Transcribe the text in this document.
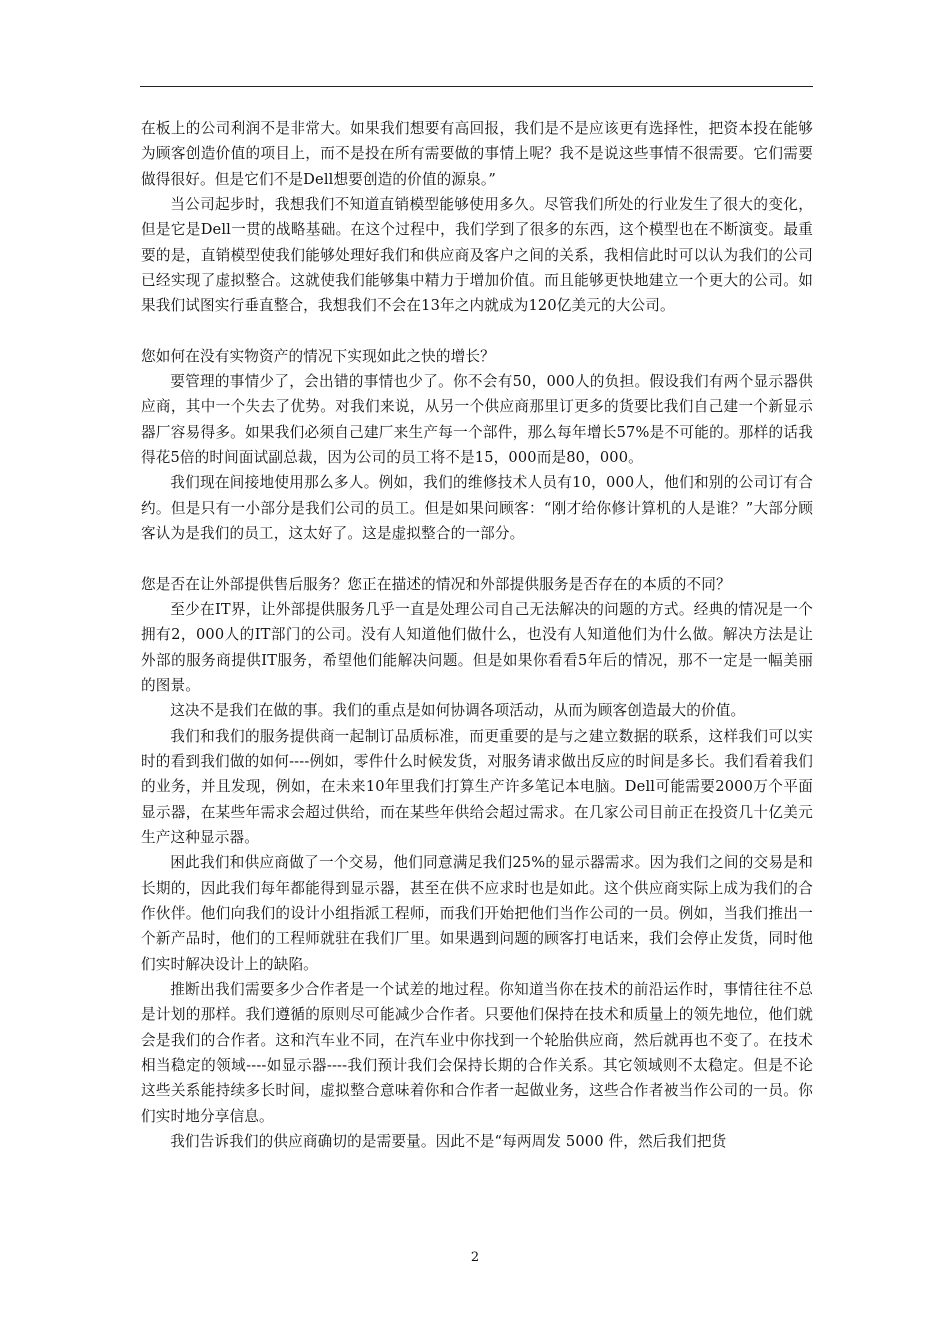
在板上的公司利润不是非常大。如果我们想要有高回报，我们是不是应该更有选择性，把资本投在能够为顾客创造价值的项目上，而不是投在所有需要做的事情上呢？我不是说这些事情不很需要。它们需要做得很好。但是它们不是Dell想要创造的价值的源泉。”

当公司起步时，我想我们不知道直销模型能够使用多久。尽管我们所处的行业发生了很大的变化，但是它是Dell一贯的战略基础。在这个过程中，我们学到了很多的东西，这个模型也在不断演变。最重要的是，直销模型使我们能够处理好我们和供应商及客户之间的关系，我相信此时可以认为我们的公司已经实现了虚拟整合。这就使我们能够集中精力于增加价值。而且能够更快地建立一个更大的公司。如果我们试图实行垂直整合，我想我们不会在13年之内就成为120亿美元的大公司。

您如何在没有实物资产的情况下实现如此之快的增长？

要管理的事情少了，会出错的事情也少了。你不会有50，000人的负担。假设我们有两个显示器供应商，其中一个失去了优势。对我们来说，从另一个供应商那里订更多的货要比我们自己建一个新显示器厂容易得多。如果我们必须自己建厂来生产每一个部件，那么每年增长57%是不可能的。那样的话我得花5倍的时间面试副总裁，因为公司的员工将不是15，000而是80，000。

我们现在间接地使用那么多人。例如，我们的维修技术人员有10，000人，他们和别的公司订有合约。但是只有一小部分是我们公司的员工。但是如果问顾客：“刚才给你修计算机的人是谁？”大部分顾客认为是我们的员工，这太好了。这是虚拟整合的一部分。

您是否在让外部提供售后服务？您正在描述的情况和外部提供服务是否存在的本质的不同？

至少在IT界，让外部提供服务几乎一直是处理公司自己无法解决的问题的方式。经典的情况是一个拥有2，000人的IT部门的公司。没有人知道他们做什么，也没有人知道他们为什么做。解决方法是让外部的服务商提供IT服务，希望他们能解决问题。但是如果你看看5年后的情况，那不一定是一幅美丽的图景。

这决不是我们在做的事。我们的重点是如何协调各项活动，从而为顾客创造最大的价值。

我们和我们的服务提供商一起制订品质标准，而更重要的是与之建立数据的联系，这样我们可以实时的看到我们做的如何----例如，零件什么时候发货，对服务请求做出反应的时间是多长。我们看着我们的业务，并且发现，例如，在未来10年里我们打算生产许多笔记本电脑。Dell可能需要2000万个平面显示器，在某些年需求会超过供给，而在某些年供给会超过需求。在几家公司目前正在投资几十亿美元生产这种显示器。

困此我们和供应商做了一个交易，他们同意满足我们25%的显示器需求。因为我们之间的交易是和长期的，因此我们每年都能得到显示器，甚至在供不应求时也是如此。这个供应商实际上成为我们的合作伙伴。他们向我们的设计小组指派工程师，而我们开始把他们当作公司的一员。例如，当我们推出一个新产品时，他们的工程师就驻在我们厂里。如果遇到问题的顾客打电话来，我们会停止发货，同时他们实时解决设计上的缺陷。

推断出我们需要多少合作者是一个试差的地过程。你知道当你在技术的前沿运作时，事情往往不总是计划的那样。我们遵循的原则尽可能减少合作者。只要他们保持在技术和质量上的领先地位，他们就会是我们的合作者。这和汽车业不同，在汽车业中你找到一个轮胎供应商，然后就再也不变了。在技术相当稳定的领域----如显示器----我们预计我们会保持长期的合作关系。其它领域则不太稳定。但是不论这些关系能持续多长时间，虚拟整合意味着你和合作者一起做业务，这些合作者被当作公司的一员。你们实时地分享信息。

我们告诉我们的供应商确切的是需要量。因此不是“每两周发 5000 件，然后我们把货

2
